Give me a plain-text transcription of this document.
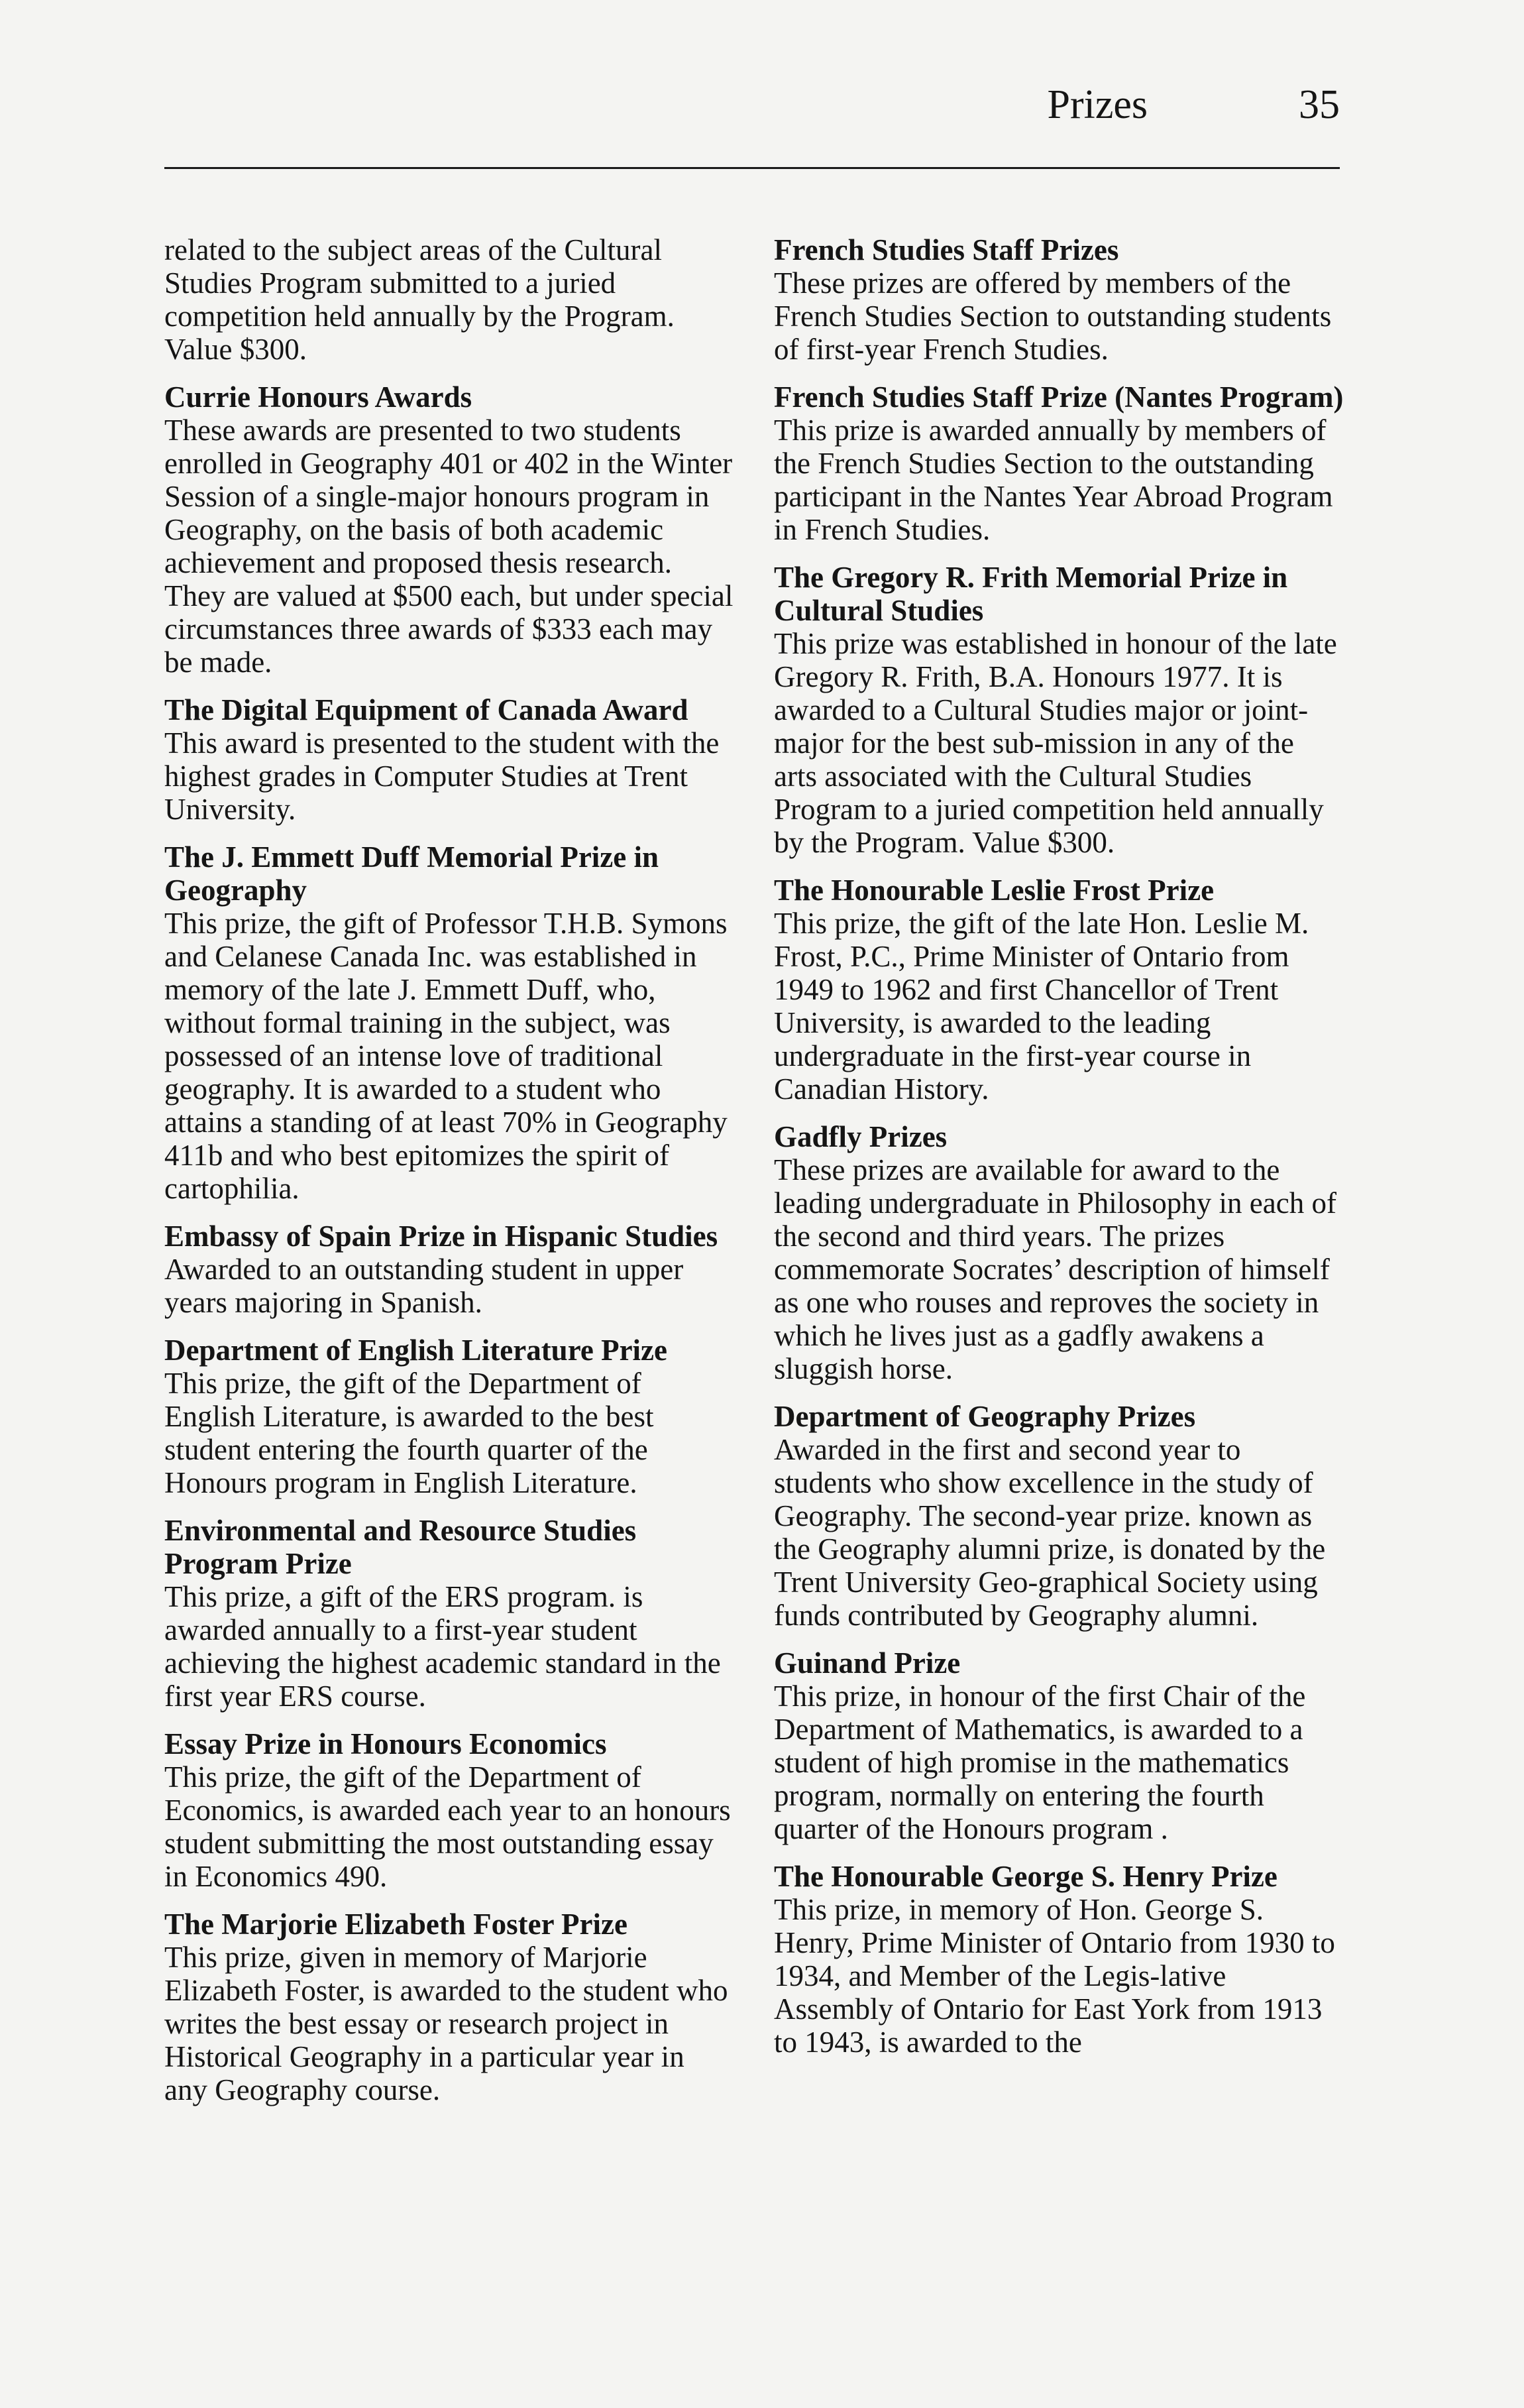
Prizes	35

related to the subject areas of the Cultural Studies Program submitted to a juried competition held annually by the Program. Value $300.

Currie Honours Awards

These awards are presented to two students enrolled in Geography 401 or 402 in the Winter Session of a single-major honours program in Geography, on the basis of both academic achievement and proposed thesis research. They are valued at $500 each, but under special circumstances three awards of $333 each may be made.

The Digital Equipment of Canada Award

This award is presented to the student with the highest grades in Computer Studies at Trent University.

The J. Emmett Duff Memorial Prize in Geography

This prize, the gift of Professor T.H.B. Symons and Celanese Canada Inc. was established in memory of the late J. Emmett Duff, who, without formal training in the subject, was possessed of an intense love of traditional geography. It is awarded to a student who attains a standing of at least 70% in Geography 411b and who best epitomizes the spirit of cartophilia.

Embassy of Spain Prize in Hispanic Studies

Awarded to an outstanding student in upper years majoring in Spanish.

Department of English Literature Prize

This prize, the gift of the Department of English Literature, is awarded to the best student entering the fourth quarter of the Honours program in English Literature.

Environmental and Resource Studies Program Prize

This prize, a gift of the ERS program. is awarded annually to a first-year student achieving the highest academic standard in the first year ERS course.

Essay Prize in Honours Economics

This prize, the gift of the Department of Economics, is awarded each year to an honours student submitting the most outstanding essay in Economics 490.

The Marjorie Elizabeth Foster Prize

This prize, given in memory of Marjorie Elizabeth Foster, is awarded to the student who writes the best essay or research project in Historical Geography in a particular year in any Geography course.

French Studies Staff Prizes

These prizes are offered by members of the French Studies Section to outstanding students of first-year French Studies.

French Studies Staff Prize (Nantes Program)

This prize is awarded annually by members of the French Studies Section to the outstanding participant in the Nantes Year Abroad Program in French Studies.

The Gregory R. Frith Memorial Prize in Cultural Studies

This prize was established in honour of the late Gregory R. Frith, B.A. Honours 1977. It is awarded to a Cultural Studies major or joint-major for the best sub-mission in any of the arts associated with the Cultural Studies Program to a juried competition held annually by the Program. Value $300.

The Honourable Leslie Frost Prize

This prize, the gift of the late Hon. Leslie M. Frost, P.C., Prime Minister of Ontario from 1949 to 1962 and first Chancellor of Trent University, is awarded to the leading undergraduate in the first-year course in Canadian History.

Gadfly Prizes

These prizes are available for award to the leading undergraduate in Philosophy in each of the second and third years. The prizes commemorate Socrates’ description of himself as one who rouses and reproves the society in which he lives just as a gadfly awakens a sluggish horse.

Department of Geography Prizes

Awarded in the first and second year to students who show excellence in the study of Geography. The second-year prize. known as the Geography alumni prize, is donated by the Trent University Geo-graphical Society using funds contributed by Geography alumni.

Guinand Prize

This prize, in honour of the first Chair of the Department of Mathematics, is awarded to a student of high promise in the mathematics program, normally on entering the fourth quarter of the Honours program .

The Honourable George S. Henry Prize

This prize, in memory of Hon. George S. Henry, Prime Minister of Ontario from 1930 to 1934, and Member of the Legis-lative Assembly of Ontario for East York from 1913 to 1943, is awarded to the
